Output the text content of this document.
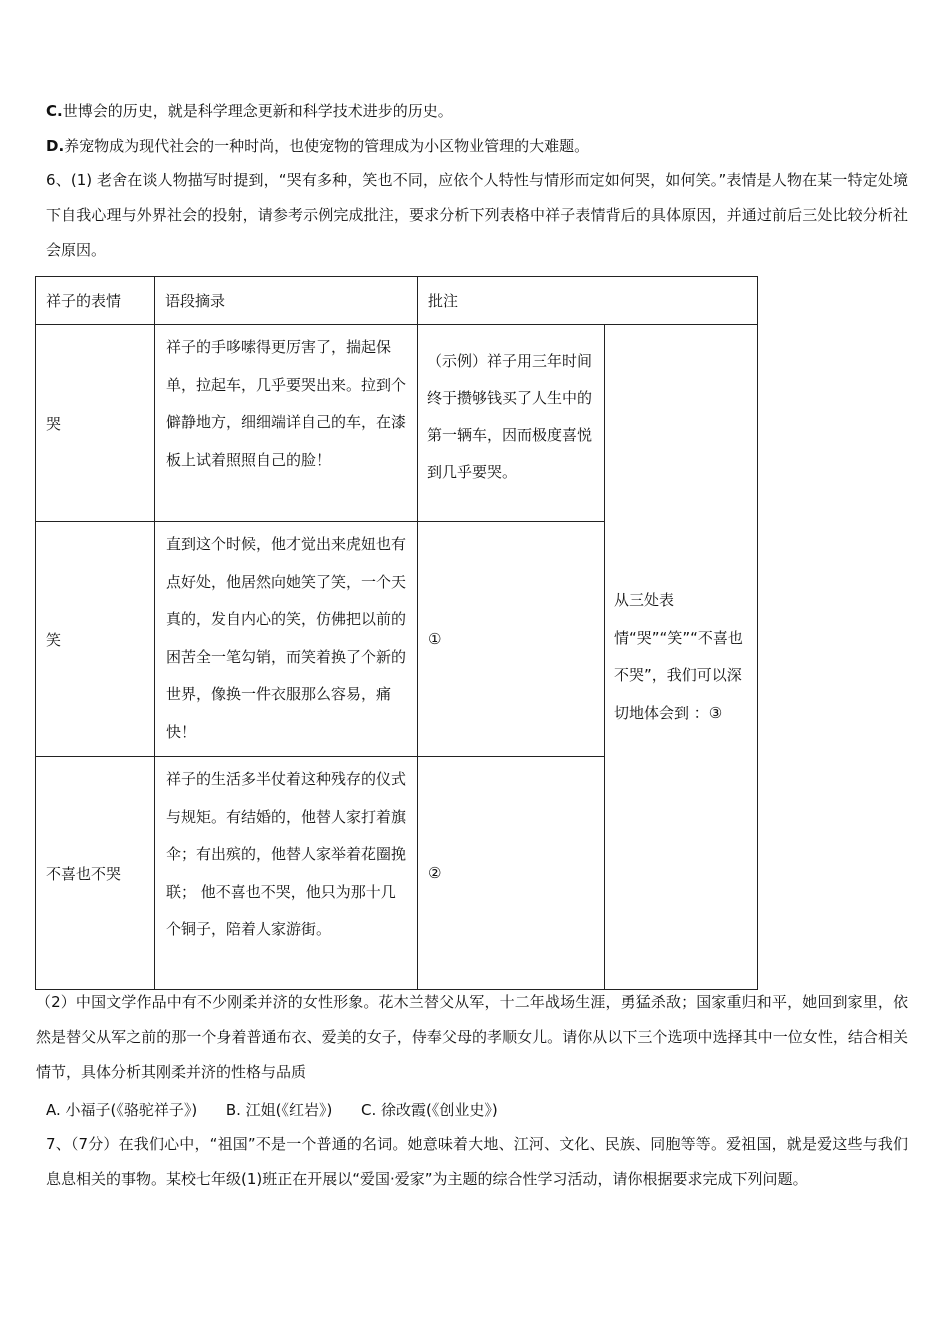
C.世博会的历史，就是科学理念更新和科学技术进步的历史。
D.养宠物成为现代社会的一种时尚，也使宠物的管理成为小区物业管理的大难题。
6、(1) 老舍在谈人物描写时提到，“哭有多种，笑也不同，应依个人特性与情形而定如何哭，如何笑。”表情是人物在某一特定处境下自我心理与外界社会的投射，请参考示例完成批注，要求分析下列表格中祥子表情背后的具体原因，并通过前后三处比较分析社会原因。
祥子的表情	语段摘录	批注	
哭	祥子的手哆嗦得更厉害了，揣起保单，拉起车，几乎要哭出来。拉到个僻静地方，细细端详自己的车，在漆板上试着照照自己的脸！	（示例）祥子用三年时间终于攒够钱买了人生中的第一辆车，因而极度喜悦到几乎要哭。	从三处表情“哭”“笑”“不喜也不哭”，我们可以深切地体会到 ：③
笑	直到这个时候，他才觉出来虎妞也有点好处，他居然向她笑了笑，一个天真的，发自内心的笑，仿佛把以前的困苦全一笔勾销，而笑着换了个新的世界，像换一件衣服那么容易，痛快！	①	
不喜也不哭	祥子的生活多半仗着这种残存的仪式与规矩。有结婚的，他替人家打着旗伞；有出殡的，他替人家举着花圈挽联； 他不喜也不哭，他只为那十几个铜子，陪着人家游街。	②	
（2）中国文学作品中有不少刚柔并济的女性形象。花木兰替父从军，十二年战场生涯，勇猛杀敌；国家重归和平，她回到家里，依然是替父从军之前的那一个身着普通布衣、爱美的女子，侍奉父母的孝顺女儿。请你从以下三个选项中选择其中一位女性，结合相关情节，具体分析其刚柔并济的性格与品质
A. 小福子(《骆驼祥子》) B. 江姐(《红岩》) C. 徐改霞(《创业史》)
7、（7分）在我们心中，“祖国”不是一个普通的名词。她意味着大地、江河、文化、民族、同胞等等。爱祖国，就是爱这些与我们息息相关的事物。某校七年级(1)班正在开展以“爱国·爱家”为主题的综合性学习活动，请你根据要求完成下列问题。
